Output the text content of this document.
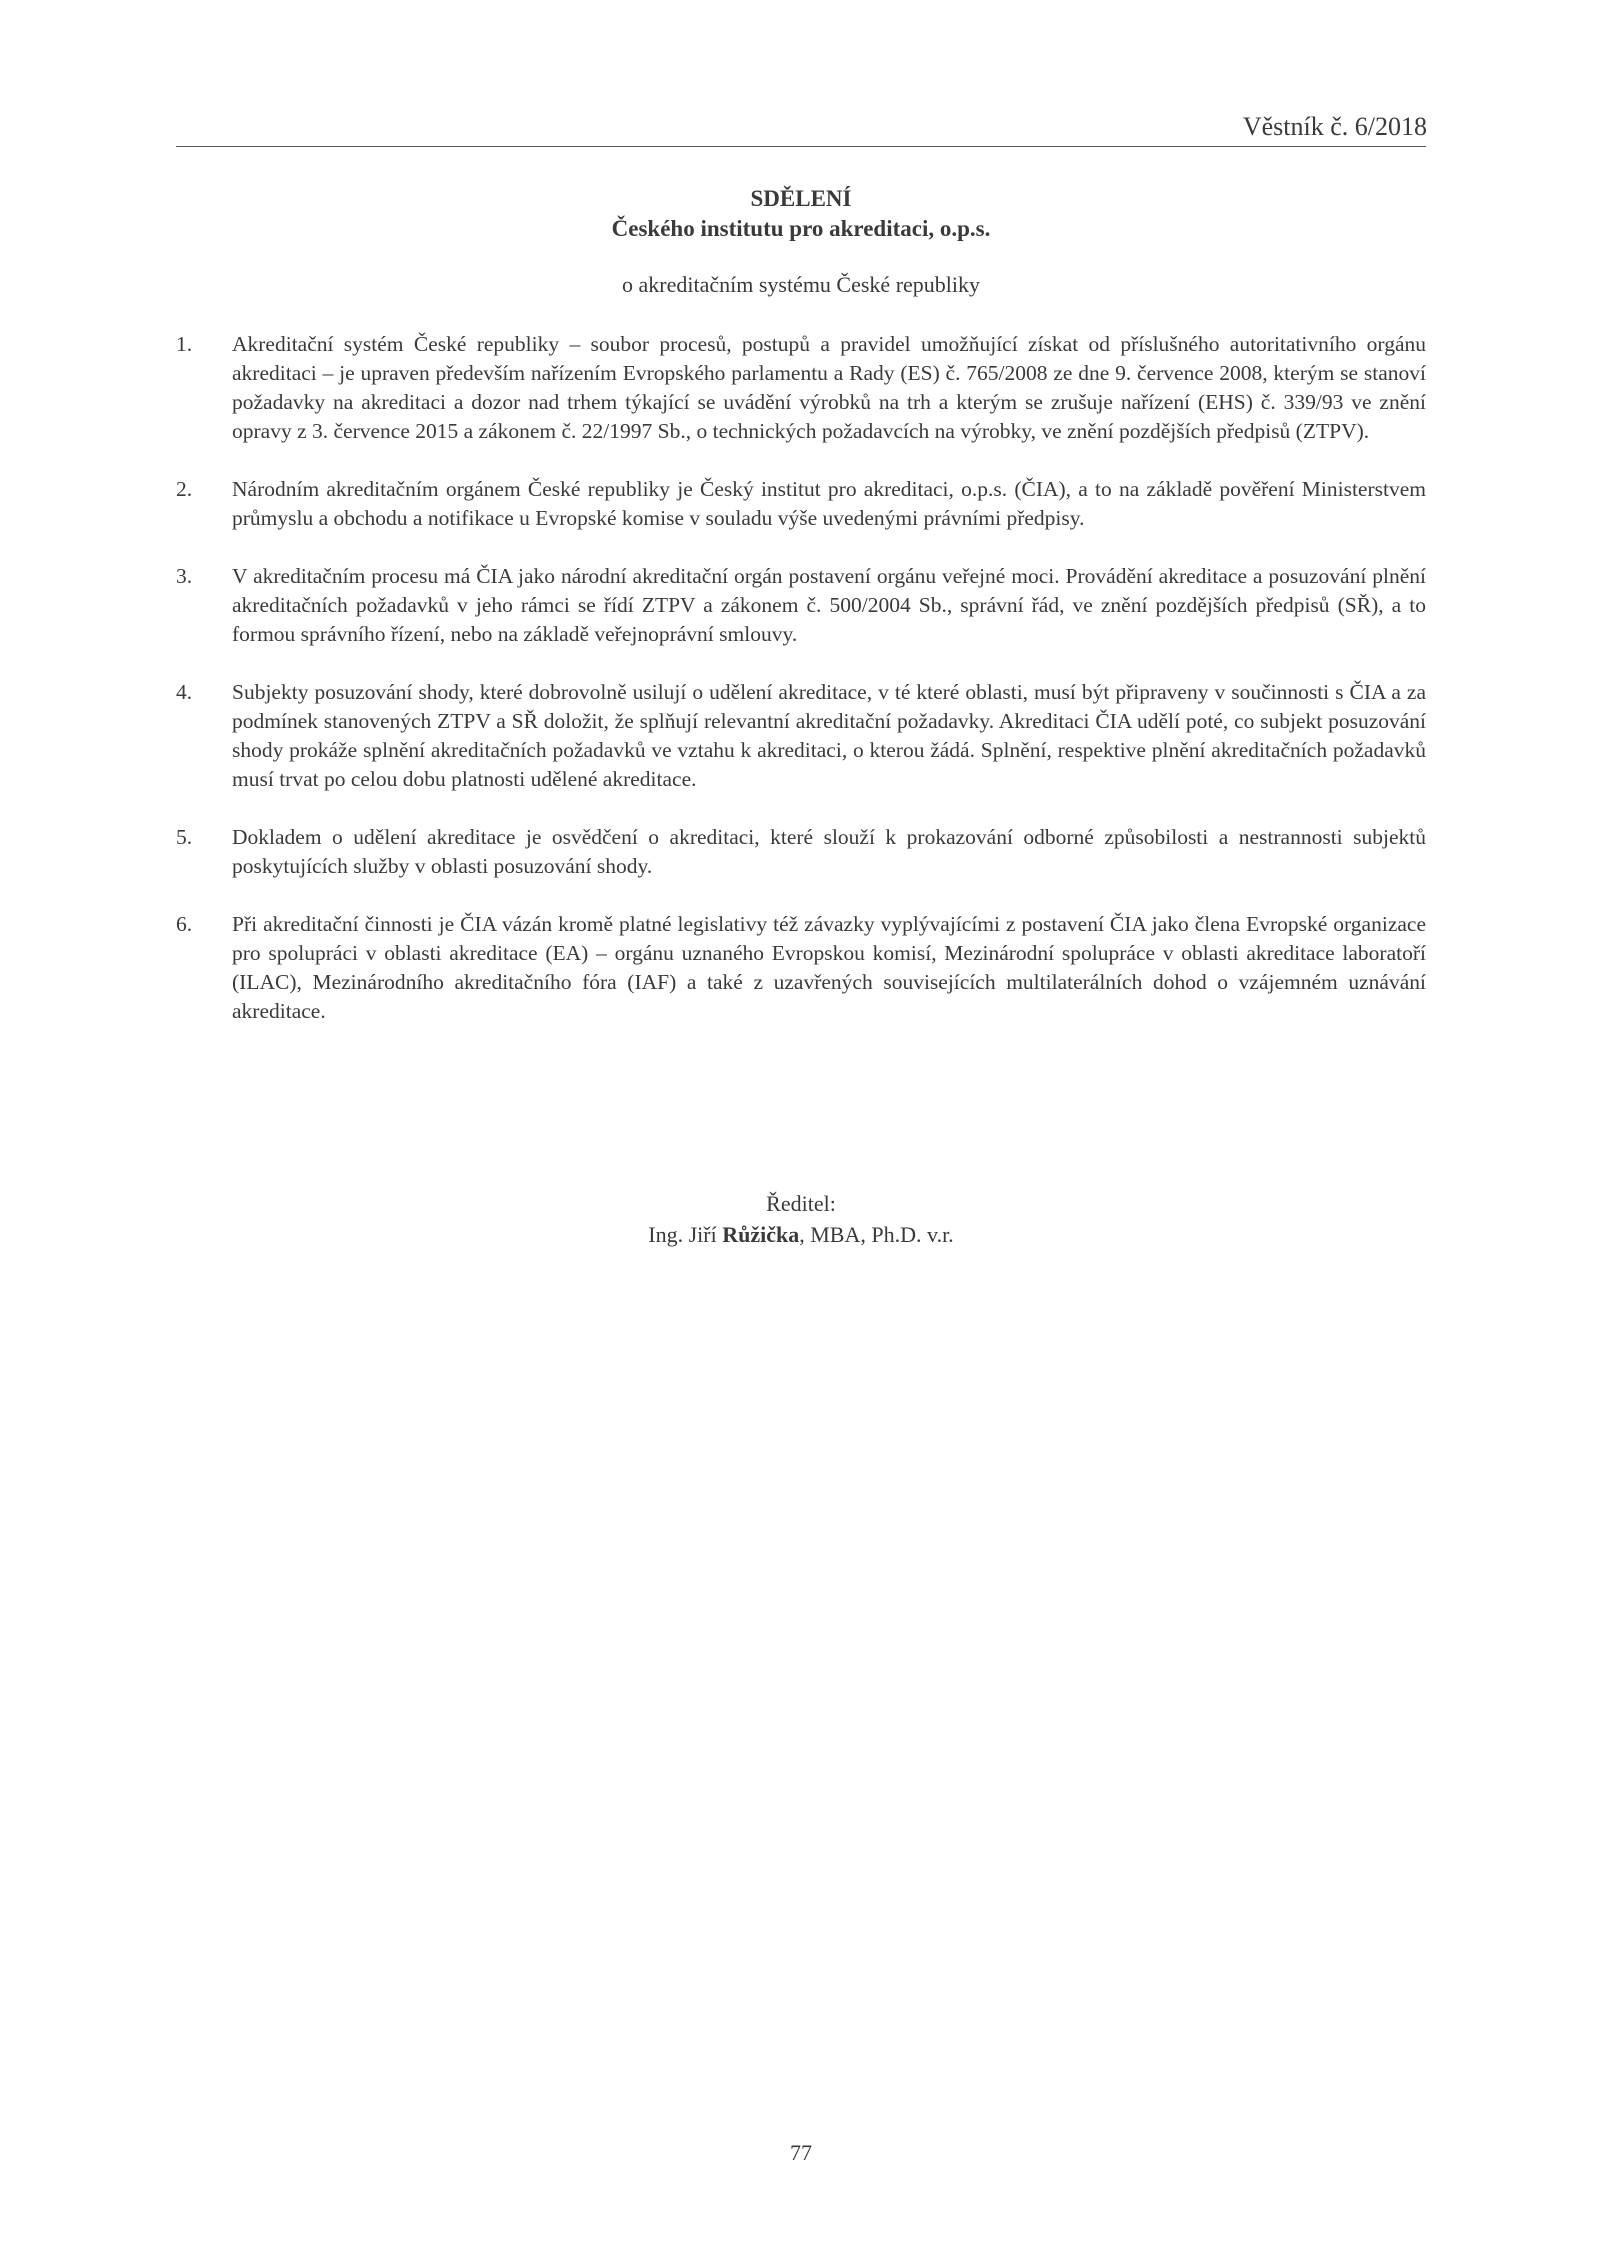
Věstník č. 6/2018
SDĚLENÍ
Českého institutu pro akreditaci, o.p.s.
o akreditačním systému České republiky
1.	Akreditační systém České republiky – soubor procesů, postupů a pravidel umožňující získat od příslušného autoritativního orgánu akreditaci – je upraven především nařízením Evropského parlamentu a Rady (ES) č. 765/2008 ze dne 9. července 2008, kterým se stanoví požadavky na akreditaci a dozor nad trhem týkající se uvádění výrobků na trh a kterým se zrušuje nařízení (EHS) č. 339/93 ve znění opravy z 3. července 2015 a zákonem č. 22/1997 Sb., o technických požadavcích na výrobky, ve znění pozdějších předpisů (ZTPV).
2.	Národním akreditačním orgánem České republiky je Český institut pro akreditaci, o.p.s. (ČIA), a to na základě pověření Ministerstvem průmyslu a obchodu a notifikace u Evropské komise v souladu výše uvedenými právními předpisy.
3.	V akreditačním procesu má ČIA jako národní akreditační orgán postavení orgánu veřejné moci. Provádění akreditace a posuzování plnění akreditačních požadavků v jeho rámci se řídí ZTPV a zákonem č. 500/2004 Sb., správní řád, ve znění pozdějších předpisů (SŘ), a to formou správního řízení, nebo na základě veřejnoprávní smlouvy.
4.	Subjekty posuzování shody, které dobrovolně usilují o udělení akreditace, v té které oblasti, musí být připraveny v součinnosti s ČIA a za podmínek stanovených ZTPV a SŘ doložit, že splňují relevantní akreditační požadavky. Akreditaci ČIA udělí poté, co subjekt posuzování shody prokáže splnění akreditačních požadavků ve vztahu k akreditaci, o kterou žádá. Splnění, respektive plnění akreditačních požadavků musí trvat po celou dobu platnosti udělené akreditace.
5.	Dokladem o udělení akreditace je osvědčení o akreditaci, které slouží k prokazování odborné způsobilosti a nestrannosti subjektů poskytujících služby v oblasti posuzování shody.
6.	Při akreditační činnosti je ČIA vázán kromě platné legislativy též závazky vyplývajícími z postavení ČIA jako člena Evropské organizace pro spolupráci v oblasti akreditace (EA) – orgánu uznaného Evropskou komisí, Mezinárodní spolupráce v oblasti akreditace laboratoří (ILAC), Mezinárodního akreditačního fóra (IAF) a také z uzavřených souvisejících multilaterálních dohod o vzájemném uznávání akreditace.
Ředitel:
Ing. Jiří Růžička, MBA, Ph.D. v.r.
77
